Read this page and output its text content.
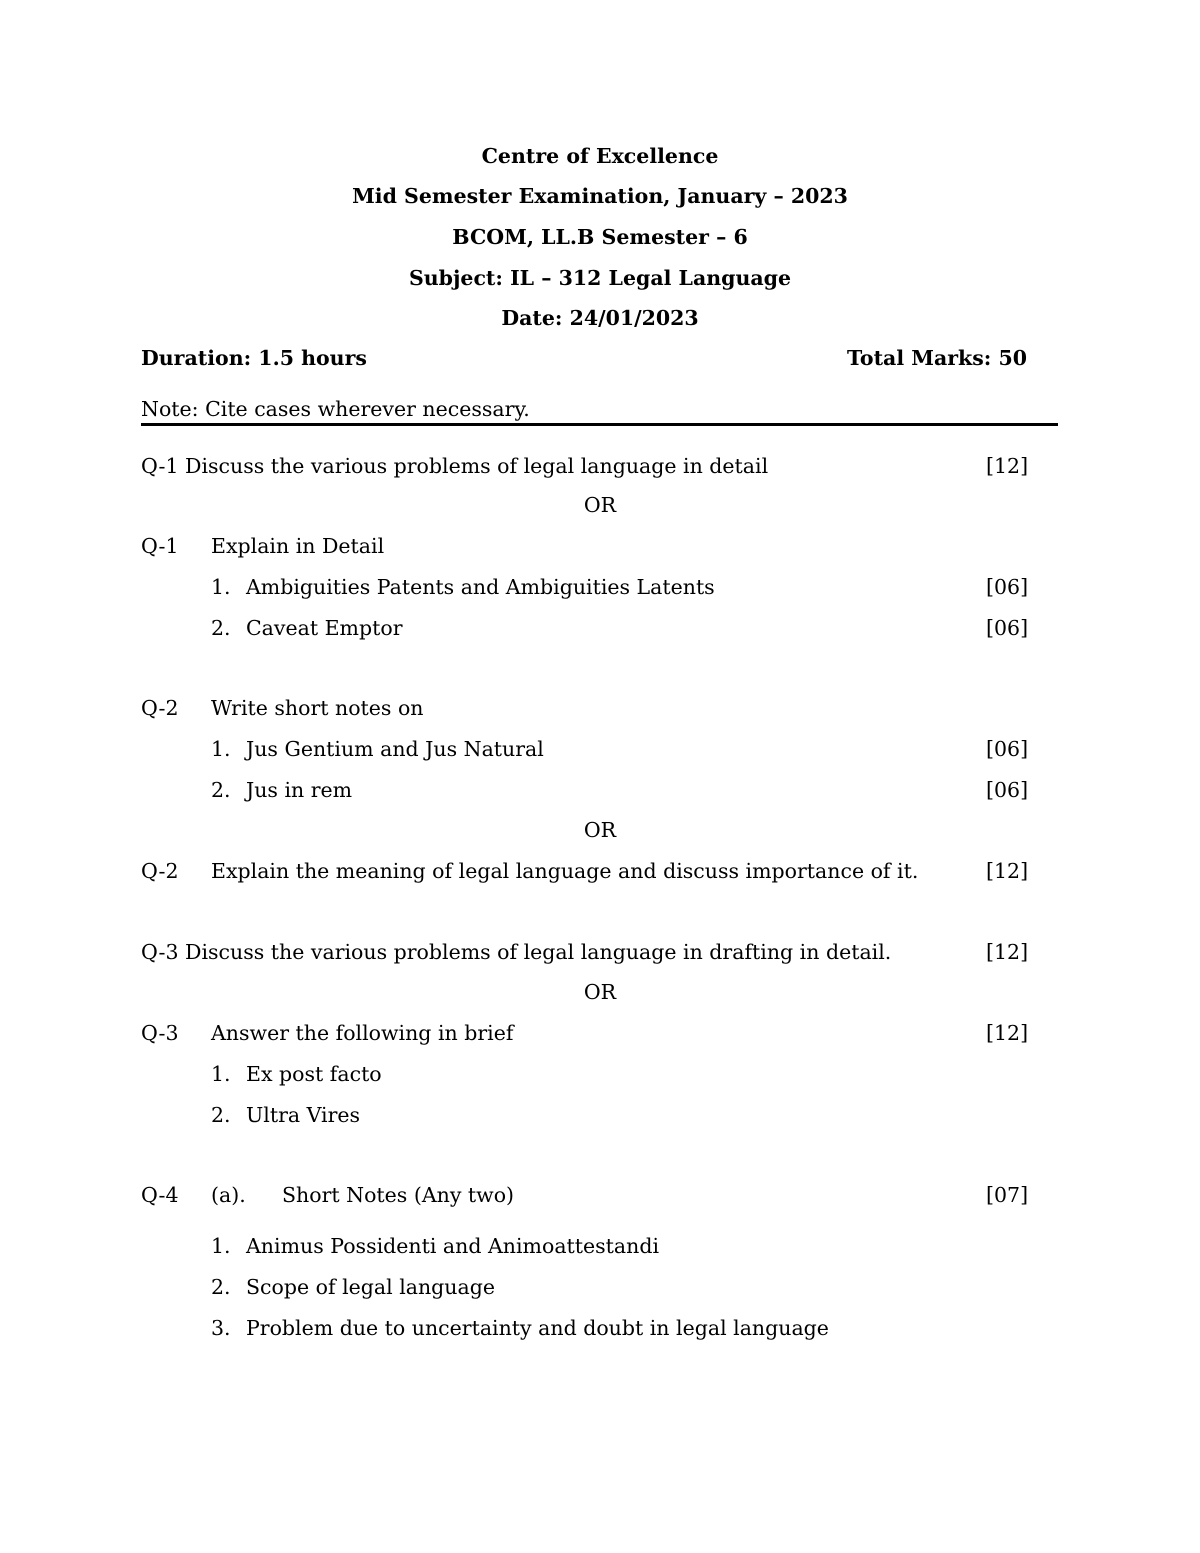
Centre of Excellence
Mid Semester Examination, January – 2023
BCOM, LL.B Semester – 6
Subject: IL – 312 Legal Language
Date: 24/01/2023
Duration: 1.5 hours	Total Marks: 50
Note: Cite cases wherever necessary.
Q-1 Discuss the various problems of legal language in detail	[12]
OR
Q-1 Explain in Detail
1. Ambiguities Patents and Ambiguities Latents	[06]
2. Caveat Emptor	[06]
Q-2 Write short notes on
1. Jus Gentium and Jus Natural	[06]
2. Jus in rem	[06]
OR
Q-2 Explain the meaning of legal language and discuss importance of it.	[12]
Q-3 Discuss the various problems of legal language in drafting in detail.	[12]
OR
Q-3 Answer the following in brief	[12]
1. Ex post facto
2. Ultra Vires
Q-4 (a). Short Notes (Any two)	[07]
1. Animus Possidenti and Animoattestandi
2. Scope of legal language
3. Problem due to uncertainty and doubt in legal language
